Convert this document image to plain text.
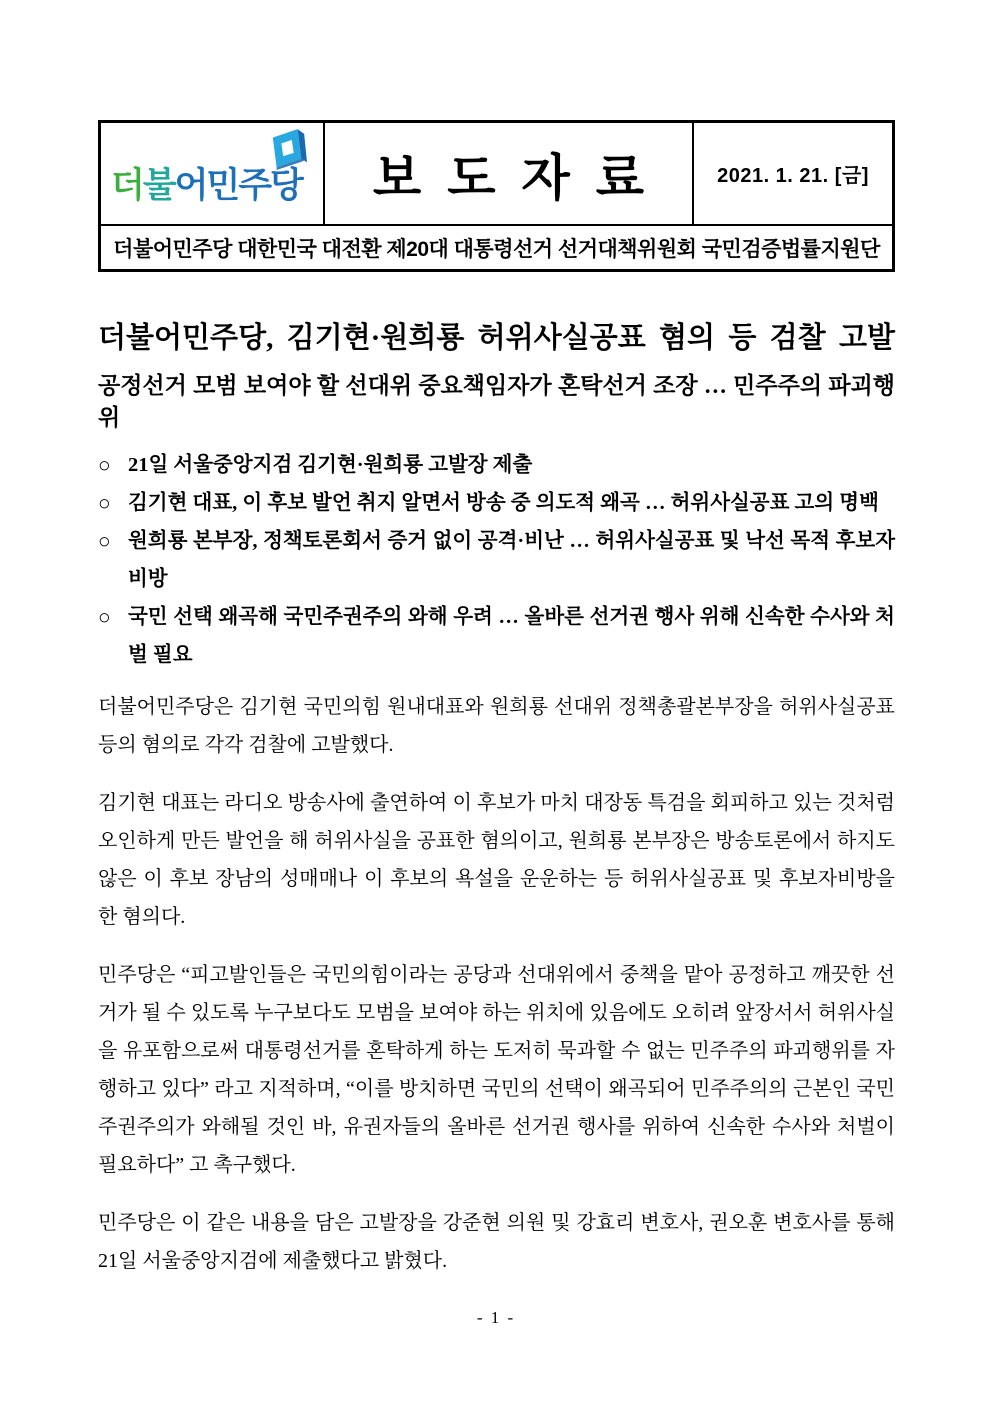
더불어민주당 보도자료 2021. 1. 21. [금]
더불어민주당 대한민국 대전환 제20대 대통령선거 선거대책위원회 국민검증법률지원단
더불어민주당, 김기현·원희룡 허위사실공표 혐의 등 검찰 고발
공정선거 모범 보여야 할 선대위 중요책임자가 혼탁선거 조장 … 민주주의 파괴행위
○ 21일 서울중앙지검 김기현·원희룡 고발장 제출
○ 김기현 대표, 이 후보 발언 취지 알면서 방송 중 의도적 왜곡 … 허위사실공표 고의 명백
○ 원희룡 본부장, 정책토론회서 증거 없이 공격·비난 … 허위사실공표 및 낙선 목적 후보자비방
○ 국민 선택 왜곡해 국민주권주의 와해 우려 … 올바른 선거권 행사 위해 신속한 수사와 처벌 필요

더불어민주당은 김기현 국민의힘 원내대표와 원희룡 선대위 정책총괄본부장을 허위사실공표 등의 혐의로 각각 검찰에 고발했다.

김기현 대표는 라디오 방송사에 출연하여 이 후보가 마치 대장동 특검을 회피하고 있는 것처럼 오인하게 만든 발언을 해 허위사실을 공표한 혐의이고, 원희룡 본부장은 방송토론에서 하지도 않은 이 후보 장남의 성매매나 이 후보의 욕설을 운운하는 등 허위사실공표 및 후보자비방을 한 혐의다.

민주당은 “피고발인들은 국민의힘이라는 공당과 선대위에서 중책을 맡아 공정하고 깨끗한 선거가 될 수 있도록 누구보다도 모범을 보여야 하는 위치에 있음에도 오히려 앞장서서 허위사실을 유포함으로써 대통령선거를 혼탁하게 하는 도저히 묵과할 수 없는 민주주의 파괴행위를 자행하고 있다” 라고 지적하며, “이를 방치하면 국민의 선택이 왜곡되어 민주주의의 근본인 국민주권주의가 와해될 것인 바, 유권자들의 올바른 선거권 행사를 위하여 신속한 수사와 처벌이 필요하다” 고 촉구했다.

민주당은 이 같은 내용을 담은 고발장을 강준현 의원 및 강효리 변호사, 권오훈 변호사를 통해 21일 서울중앙지검에 제출했다고 밝혔다.

- 1 -
